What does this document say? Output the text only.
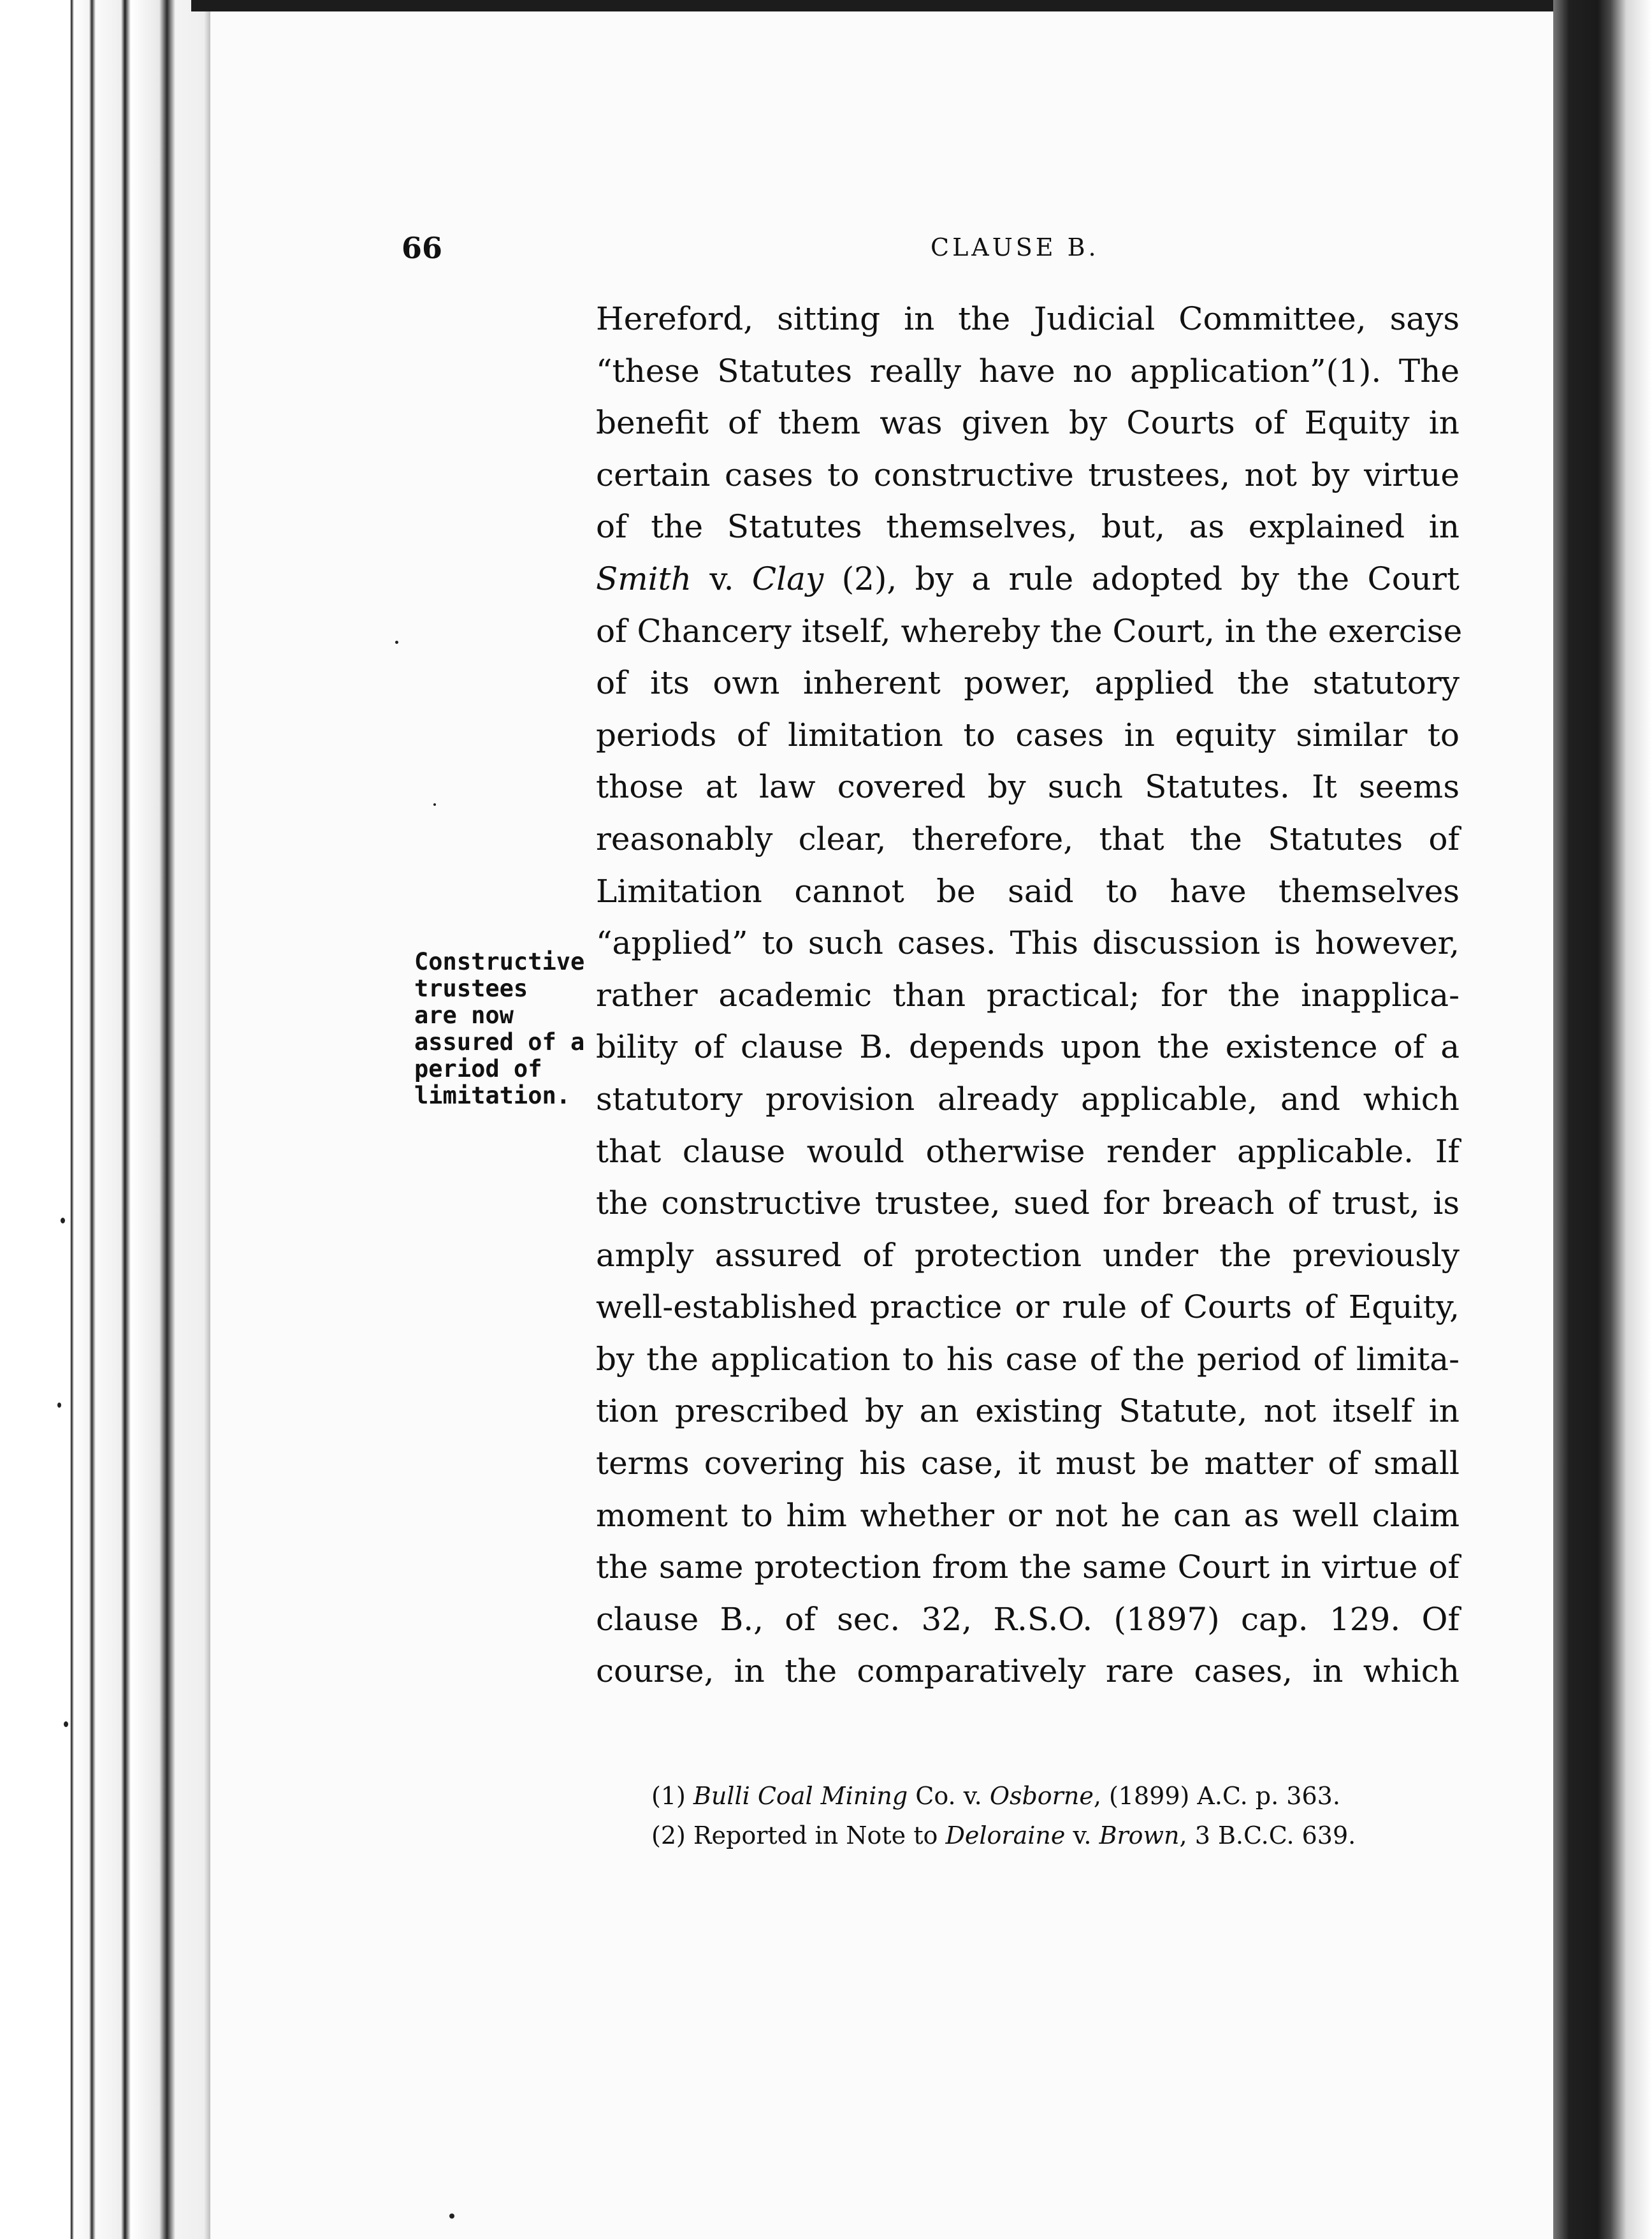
66	CLAUSE B.
Constructive
trustees
are now
assured of a
period of
limitation.
Hereford, sitting in the Judicial Committee, says
“these Statutes really have no application”(1). The
benefit of them was given by Courts of Equity in
certain cases to constructive trustees, not by virtue
of the Statutes themselves, but, as explained in
Smith v. Clay (2), by a rule adopted by the Court
of Chancery itself, whereby the Court, in the exercise
of its own inherent power, applied the statutory
periods of limitation to cases in equity similar to
those at law covered by such Statutes. It seems
reasonably clear, therefore, that the Statutes of
Limitation cannot be said to have themselves
“applied” to such cases. This discussion is however,
rather academic than practical; for the inapplica-
bility of clause B. depends upon the existence of a
statutory provision already applicable, and which
that clause would otherwise render applicable. If
the constructive trustee, sued for breach of trust, is
amply assured of protection under the previously
well-established practice or rule of Courts of Equity,
by the application to his case of the period of limita-
tion prescribed by an existing Statute, not itself in
terms covering his case, it must be matter of small
moment to him whether or not he can as well claim
the same protection from the same Court in virtue of
clause B., of sec. 32, R.S.O. (1897) cap. 129. Of
course, in the comparatively rare cases, in which
(1) Bulli Coal Mining Co. v. Osborne, (1899) A.C. p. 363.
(2) Reported in Note to Deloraine v. Brown, 3 B.C.C. 639.
